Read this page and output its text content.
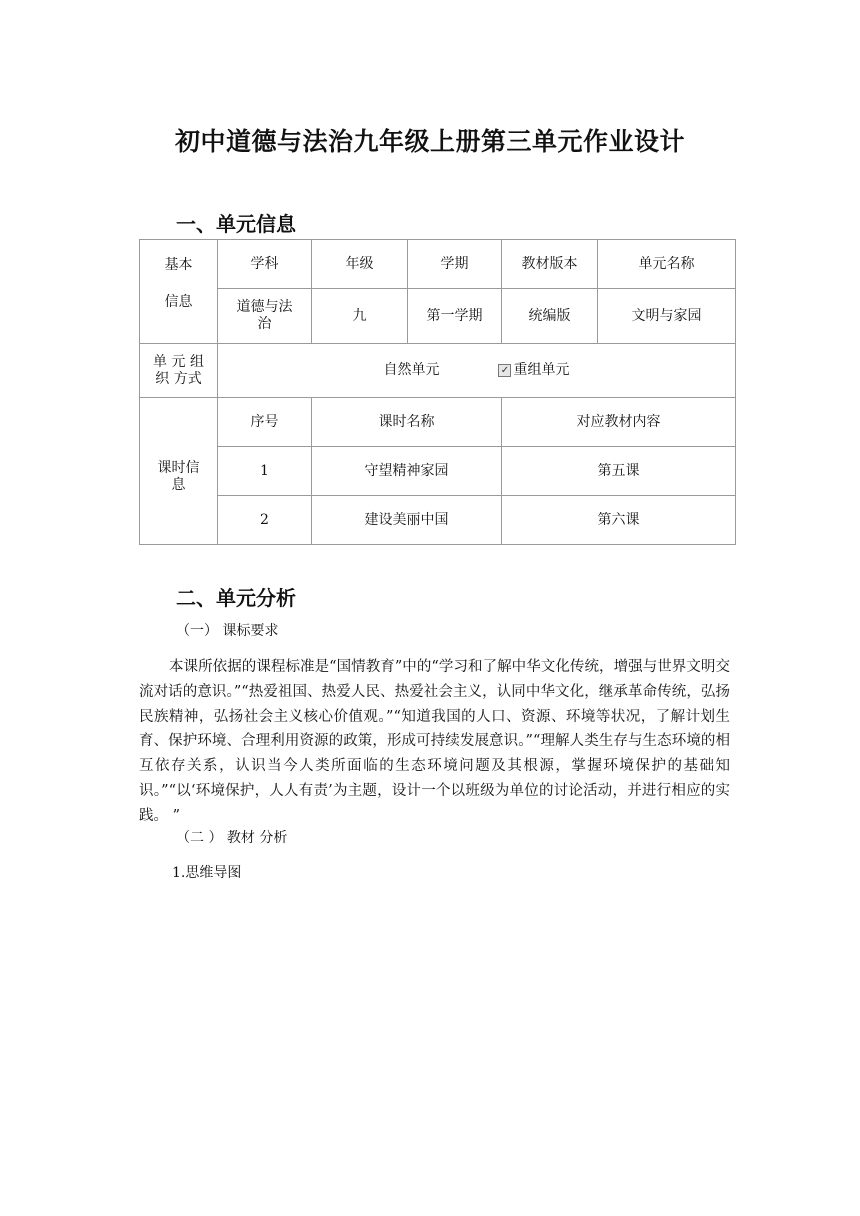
初中道德与法治九年级上册第三单元作业设计
一、单元信息
基本
信息	学科	年级	学期	教材版本	单元名称
	道德与法治	九	第一学期	统编版	文明与家园
单 元 组 织 方式	自然单元 ✓ 重组单元				
课时信息	序号	课时名称		对应教材内容	
	1	守望精神家园		第五课	
	2	建设美丽中国		第六课	
二、单元分析
（一） 课标要求

本课所依据的课程标准是“国情教育”中的“学习和了解中华文化传统，增强与世界文明交流对话的意识。”“热爱祖国、热爱人民、热爱社会主义，认同中华文化，继承革命传统，弘扬民族精神，弘扬社会主义核心价值观。”“知道我国的人口、资源、环境等状况，了解计划生育、保护环境、合理利用资源的政策，形成可持续发展意识。”“理解人类生存与生态环境的相互依存关系，认识当今人类所面临的生态环境问题及其根源，掌握环境保护的基础知识。”“以‘环境保护，人人有责’为主题，设计一个以班级为单位的讨论活动，并进行相应的实践。 ”

（二 ） 教材 分析
1.思维导图
